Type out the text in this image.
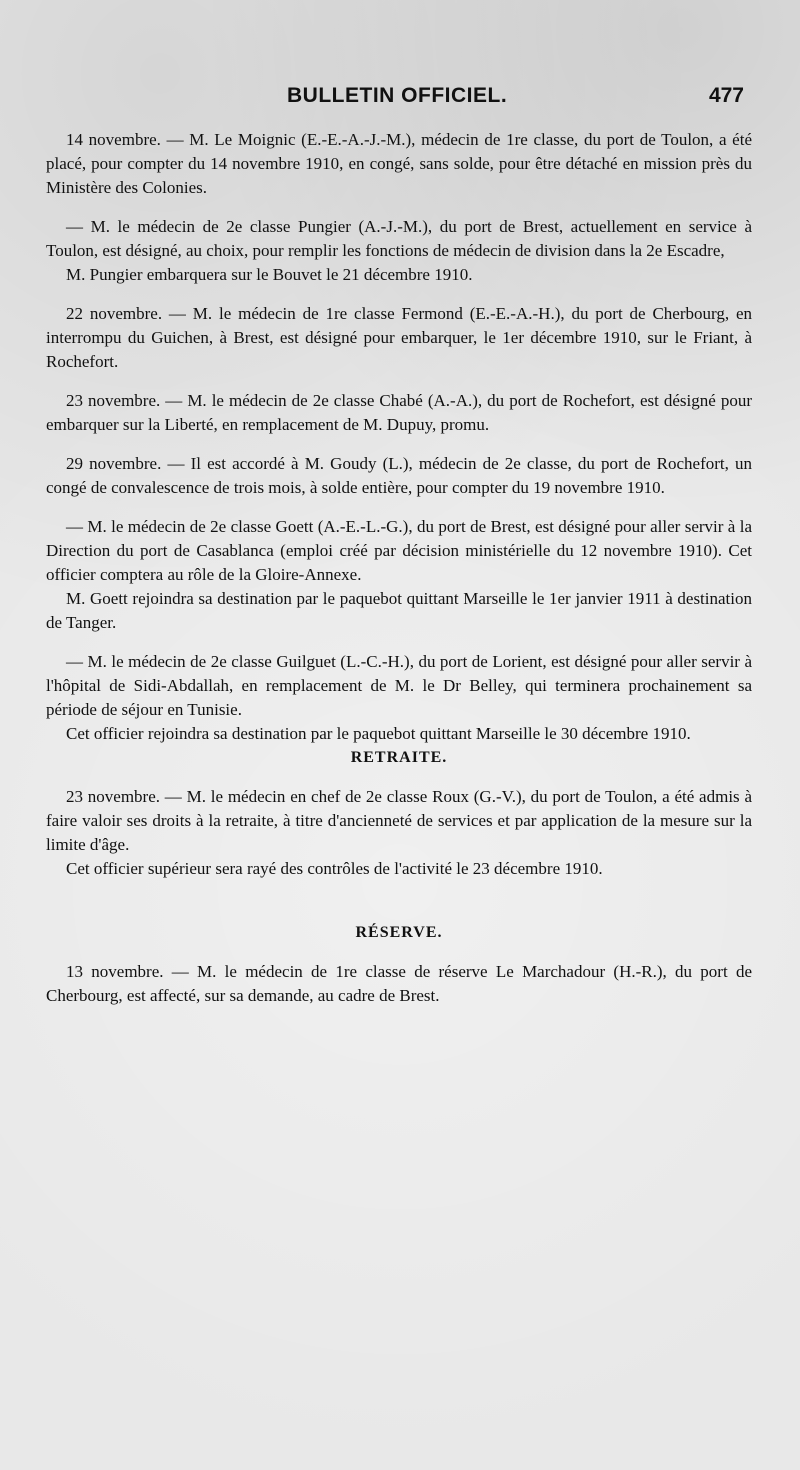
BULLETIN OFFICIEL.	477

14 novembre. — M. Le Moignic (E.-E.-A.-J.-M.), médecin de 1re classe, du port de Toulon, a été placé, pour compter du 14 novembre 1910, en congé, sans solde, pour être détaché en mission près du Ministère des Colonies.

— M. le médecin de 2e classe Pungier (A.-J.-M.), du port de Brest, actuellement en service à Toulon, est désigné, au choix, pour remplir les fonctions de médecin de division dans la 2e Escadre,

M. Pungier embarquera sur le Bouvet le 21 décembre 1910.

22 novembre. — M. le médecin de 1re classe Fermond (E.-E.-A.-H.), du port de Cherbourg, en interrompu du Guichen, à Brest, est désigné pour embarquer, le 1er décembre 1910, sur le Friant, à Rochefort.

23 novembre. — M. le médecin de 2e classe Chabé (A.-A.), du port de Rochefort, est désigné pour embarquer sur la Liberté, en remplacement de M. Dupuy, promu.

29 novembre. — Il est accordé à M. Goudy (L.), médecin de 2e classe, du port de Rochefort, un congé de convalescence de trois mois, à solde entière, pour compter du 19 novembre 1910.

— M. le médecin de 2e classe Goett (A.-E.-L.-G.), du port de Brest, est désigné pour aller servir à la Direction du port de Casablanca (emploi créé par décision ministérielle du 12 novembre 1910). Cet officier comptera au rôle de la Gloire-Annexe.

M. Goett rejoindra sa destination par le paquebot quittant Marseille le 1er janvier 1911 à destination de Tanger.

— M. le médecin de 2e classe Guilguet (L.-C.-H.), du port de Lorient, est désigné pour aller servir à l'hôpital de Sidi-Abdallah, en remplacement de M. le Dr Belley, qui terminera prochainement sa période de séjour en Tunisie.

Cet officier rejoindra sa destination par le paquebot quittant Marseille le 30 décembre 1910.

RETRAITE.

23 novembre. — M. le médecin en chef de 2e classe Roux (G.-V.), du port de Toulon, a été admis à faire valoir ses droits à la retraite, à titre d'ancienneté de services et par application de la mesure sur la limite d'âge.

Cet officier supérieur sera rayé des contrôles de l'activité le 23 décembre 1910.

RÉSERVE.

13 novembre. — M. le médecin de 1re classe de réserve Le Marchadour (H.-R.), du port de Cherbourg, est affecté, sur sa demande, au cadre de Brest.
